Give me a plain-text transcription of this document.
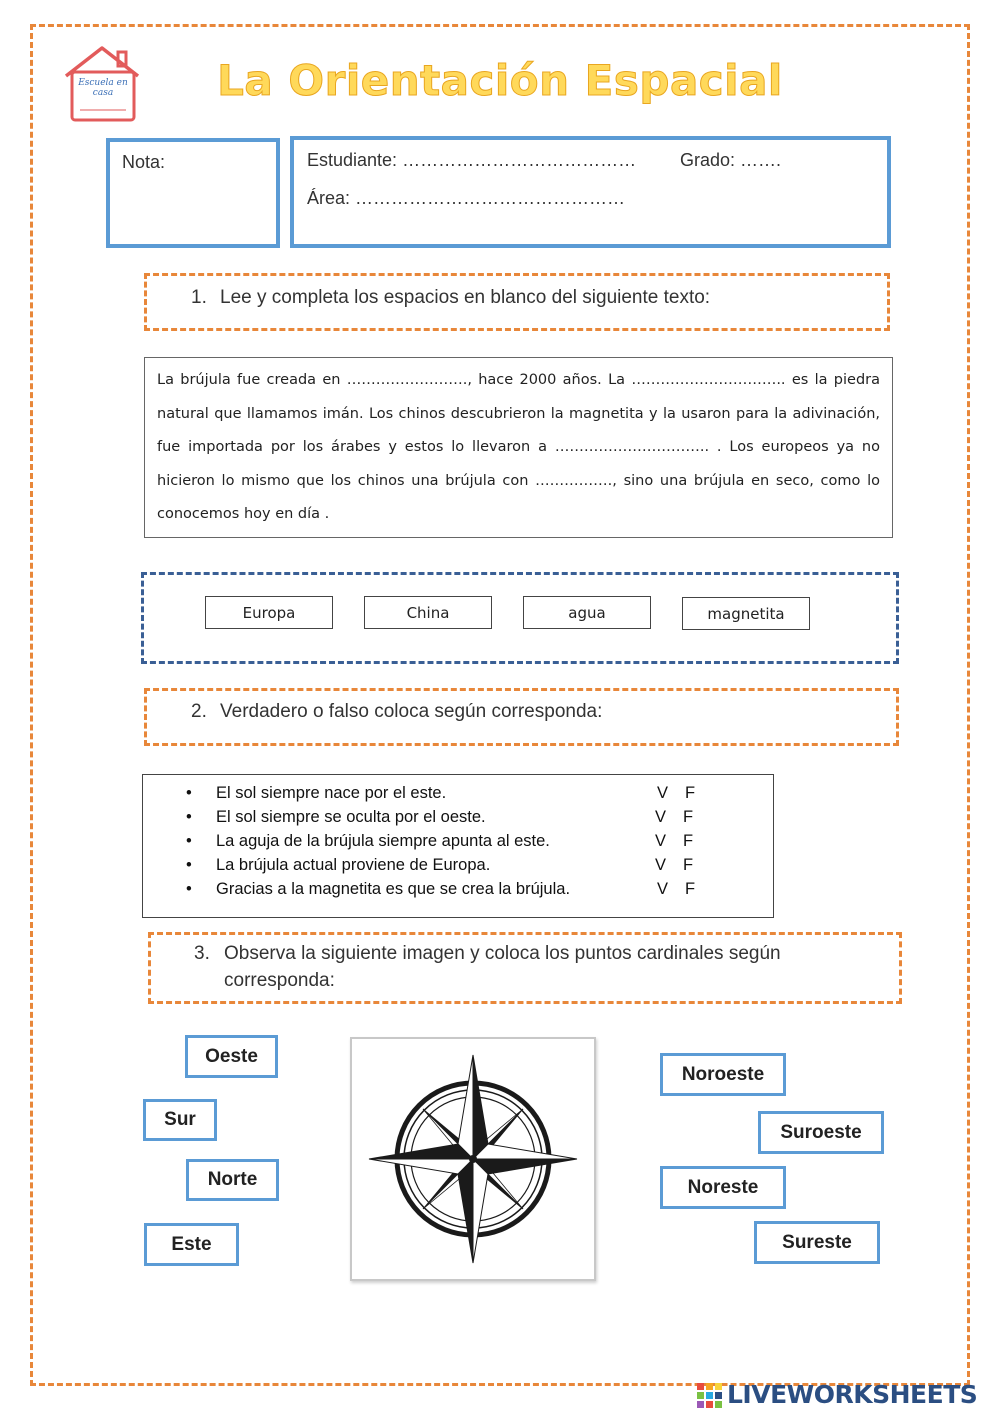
Escuela en casa	La Orientación Espacial
Nota:	Estudiante: ………………………………… Grado: …….
Área: ………………………………………
1. Lee y completa los espacios en blanco del siguiente texto:

La brújula fue creada en ……………………., hace 2000 años. La ………………………….. es la piedra natural que llamamos imán. Los chinos descubrieron la magnetita y la usaron para la adivinación, fue importada por los árabes y estos lo llevaron a ………………………….. . Los europeos ya no hicieron lo mismo que los chinos una brújula con ……………., sino una brújula en seco, como lo conocemos hoy en día .

Europa	China	agua	magnetita
2. Verdadero o falso coloca según corresponda:
• El sol siempre nace por el este.	V F
• El sol siempre se oculta por el oeste.	V F
• La aguja de la brújula siempre apunta al este.	V F
• La brújula actual proviene de Europa.	V F
• Gracias a la magnetita es que se crea la brújula.	V F
3. Observa la siguiente imagen y coloca los puntos cardinales según
corresponda:
Oeste
Sur
Norte
Este
Noroeste
Suroeste
Noreste
Sureste
LIVEWORKSHEETS
